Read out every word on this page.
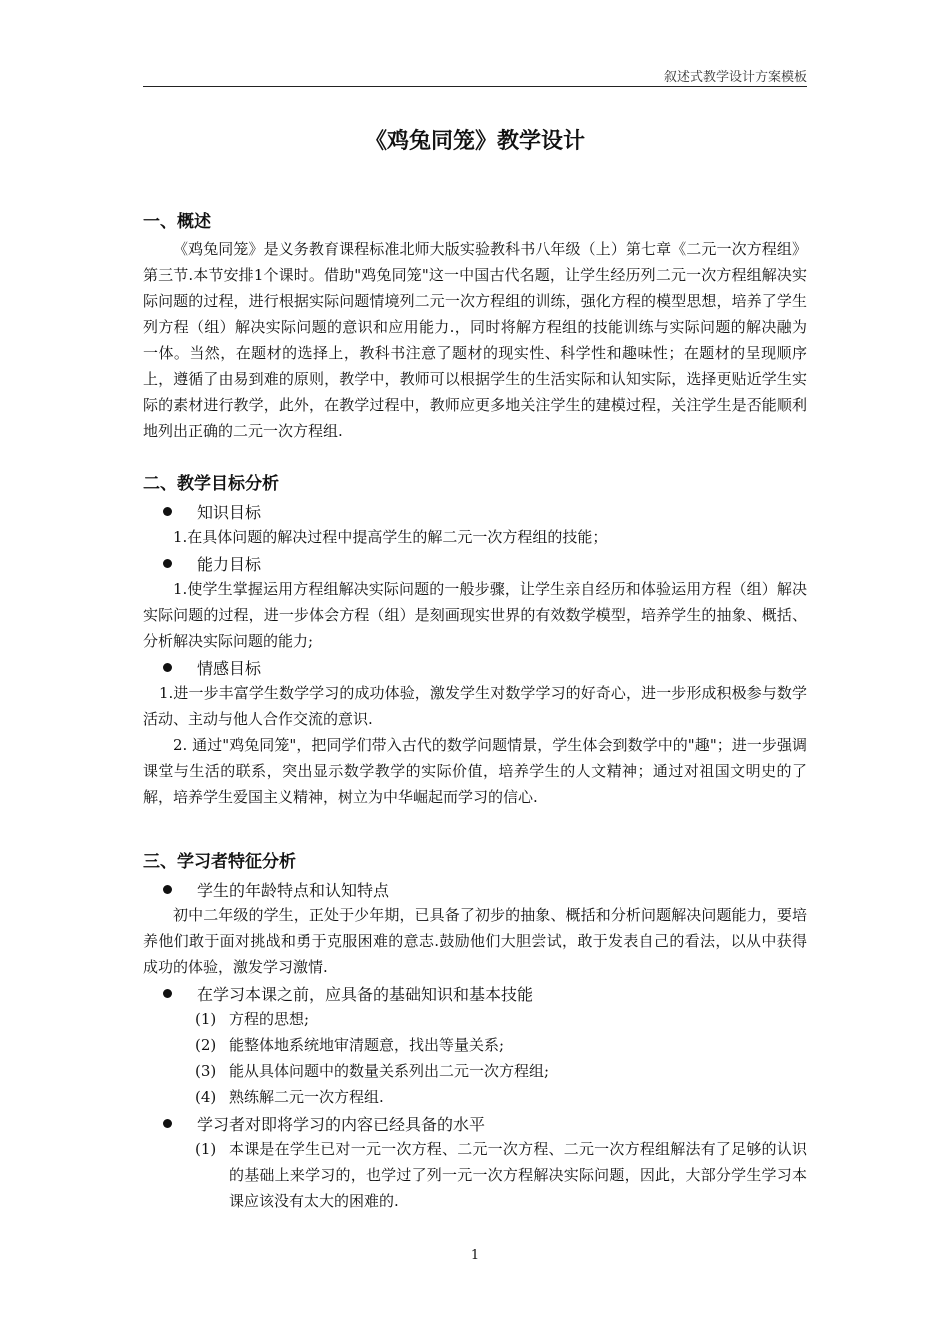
叙述式教学设计方案模板
《鸡兔同笼》教学设计
一、概述

《鸡兔同笼》是义务教育课程标准北师大版实验教科书八年级（上）第七章《二元一次方程组》第三节.本节安排1个课时。借助"鸡兔同笼"这一中国古代名题，让学生经历列二元一次方程组解决实际问题的过程，进行根据实际问题情境列二元一次方程组的训练，强化方程的模型思想，培养了学生列方程（组）解决实际问题的意识和应用能力.，同时将解方程组的技能训练与实际问题的解决融为一体。当然，在题材的选择上，教科书注意了题材的现实性、科学性和趣味性；在题材的呈现顺序上，遵循了由易到难的原则，教学中，教师可以根据学生的生活实际和认知实际，选择更贴近学生实际的素材进行教学，此外，在教学过程中，教师应更多地关注学生的建模过程，关注学生是否能顺利地列出正确的二元一次方程组.

二、教学目标分析
知识目标

1.在具体问题的解决过程中提高学生的解二元一次方程组的技能；

能力目标

1.使学生掌握运用方程组解决实际问题的一般步骤，让学生亲自经历和体验运用方程（组）解决实际问题的过程，进一步体会方程（组）是刻画现实世界的有效数学模型，培养学生的抽象、概括、分析解决实际问题的能力;

情感目标

1.进一步丰富学生数学学习的成功体验，激发学生对数学学习的好奇心，进一步形成积极参与数学活动、主动与他人合作交流的意识.

2. 通过"鸡兔同笼"，把同学们带入古代的数学问题情景，学生体会到数学中的"趣"；进一步强调课堂与生活的联系，突出显示数学教学的实际价值，培养学生的人文精神；通过对祖国文明史的了解，培养学生爱国主义精神，树立为中华崛起而学习的信心.

三、学习者特征分析
学生的年龄特点和认知特点

初中二年级的学生，正处于少年期，已具备了初步的抽象、概括和分析问题解决问题能力，要培养他们敢于面对挑战和勇于克服困难的意志.鼓励他们大胆尝试，敢于发表自己的看法，以从中获得成功的体验，激发学习激情.

在学习本课之前，应具备的基础知识和基本技能
(1) 方程的思想;
(2) 能整体地系统地审清题意，找出等量关系;
(3) 能从具体问题中的数量关系列出二元一次方程组;
(4) 熟练解二元一次方程组.
学习者对即将学习的内容已经具备的水平
(1) 本课是在学生已对一元一次方程、二元一次方程、二元一次方程组解法有了足够的认识的基础上来学习的，也学过了列一元一次方程解决实际问题，因此，大部分学生学习本课应该没有太大的困难的.
1
